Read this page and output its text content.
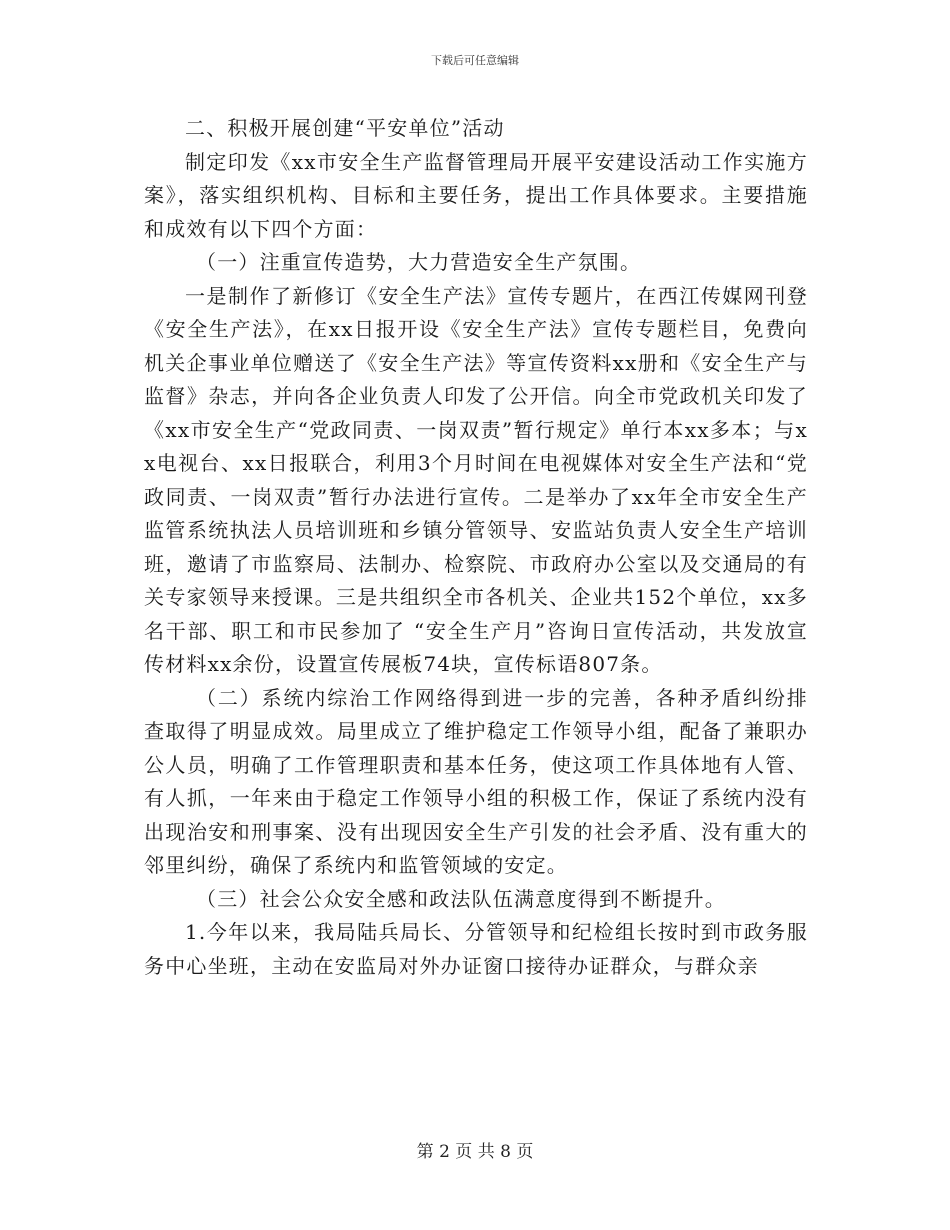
下载后可任意编辑

二、积极开展创建“平安单位”活动

制定印发《xx市安全生产监督管理局开展平安建设活动工作实施方案》，落实组织机构、目标和主要任务，提出工作具体要求。主要措施和成效有以下四个方面：

（一）注重宣传造势，大力营造安全生产氛围。

一是制作了新修订《安全生产法》宣传专题片，在西江传媒网刊登《安全生产法》，在xx日报开设《安全生产法》宣传专题栏目，免费向机关企事业单位赠送了《安全生产法》等宣传资料xx册和《安全生产与监督》杂志，并向各企业负责人印发了公开信。向全市党政机关印发了《xx市安全生产“党政同责、一岗双责”暂行规定》单行本xx多本；与xx电视台、xx日报联合，利用3个月时间在电视媒体对安全生产法和“党政同责、一岗双责”暂行办法进行宣传。二是举办了xx年全市安全生产监管系统执法人员培训班和乡镇分管领导、安监站负责人安全生产培训班，邀请了市监察局、法制办、检察院、市政府办公室以及交通局的有关专家领导来授课。三是共组织全市各机关、企业共152个单位，xx多名干部、职工和市民参加了 “安全生产月”咨询日宣传活动，共发放宣传材料xx余份，设置宣传展板74块，宣传标语807条。

（二）系统内综治工作网络得到进一步的完善，各种矛盾纠纷排查取得了明显成效。局里成立了维护稳定工作领导小组，配备了兼职办公人员，明确了工作管理职责和基本任务，使这项工作具体地有人管、有人抓，一年来由于稳定工作领导小组的积极工作，保证了系统内没有出现治安和刑事案、没有出现因安全生产引发的社会矛盾、没有重大的邻里纠纷，确保了系统内和监管领域的安定。

（三）社会公众安全感和政法队伍满意度得到不断提升。

1.今年以来，我局陆兵局长、分管领导和纪检组长按时到市政务服务中心坐班，主动在安监局对外办证窗口接待办证群众，与群众亲

第 2 页 共 8 页
